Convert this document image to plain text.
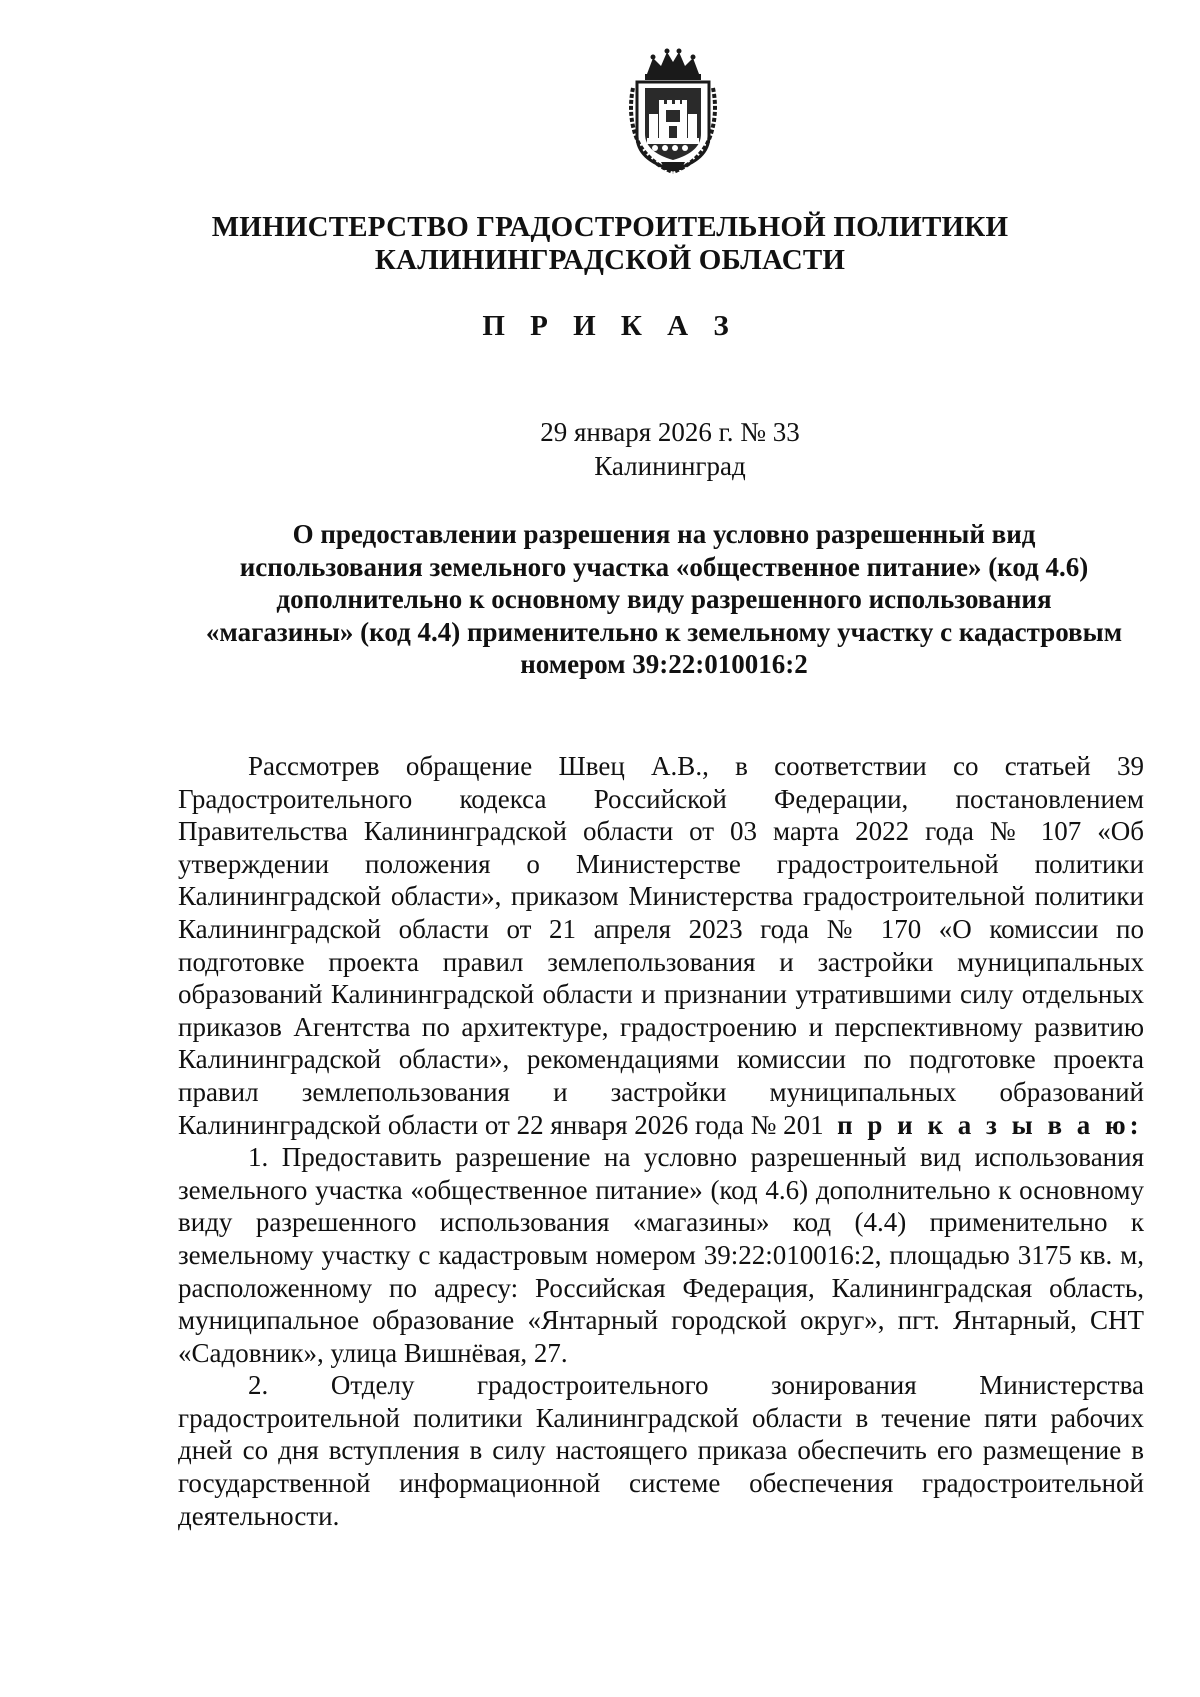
МИНИСТЕРСТВО ГРАДОСТРОИТЕЛЬНОЙ ПОЛИТИКИ
КАЛИНИНГРАДСКОЙ ОБЛАСТИ
П Р И К А З
29 января 2026 г. № 33
Калининград
О предоставлении разрешения на условно разрешенный вид
использования земельного участка «общественное питание» (код 4.6)
дополнительно к основному виду разрешенного использования
«магазины» (код 4.4) применительно к земельному участку с кадастровым
номером 39:22:010016:2

Рассмотрев обращение Швец А.В., в соответствии со статьей 39 Градостроительного кодекса Российской Федерации, постановлением Правительства Калининградской области от 03 марта 2022 года № 107 «Об утверждении положения о Министерстве градостроительной политики Калининградской области», приказом Министерства градостроительной политики Калининградской области от 21 апреля 2023 года № 170 «О комиссии по подготовке проекта правил землепользования и застройки муниципальных образований Калининградской области и признании утратившими силу отдельных приказов Агентства по архитектуре, градостроению и перспективному развитию Калининградской области», рекомендациями комиссии по подготовке проекта правил землепользования и застройки муниципальных образований Калининградской области от 22 января 2026 года № 201 п р и к а з ы в а ю:

1. Предоставить разрешение на условно разрешенный вид использования земельного участка «общественное питание» (код 4.6) дополнительно к основному виду разрешенного использования «магазины» код (4.4) применительно к земельному участку с кадастровым номером 39:22:010016:2, площадью 3175 кв. м, расположенному по адресу: Российская Федерация, Калининградская область, муниципальное образование «Янтарный городской округ», пгт. Янтарный, СНТ «Садовник», улица Вишнёвая, 27.

2. Отделу градостроительного зонирования Министерства градостроительной политики Калининградской области в течение пяти рабочих дней со дня вступления в силу настоящего приказа обеспечить его размещение в государственной информационной системе обеспечения градостроительной деятельности.
